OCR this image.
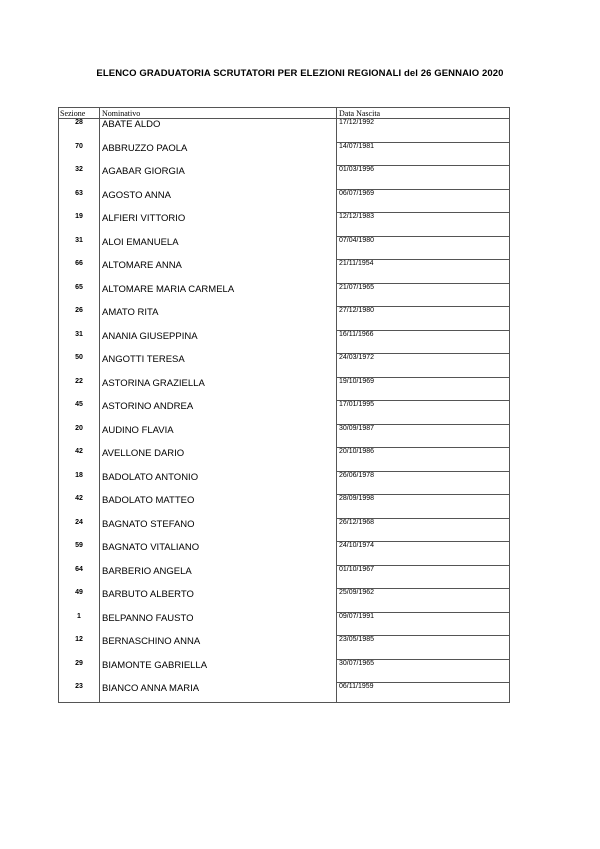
ELENCO GRADUATORIA SCRUTATORI PER ELEZIONI REGIONALI del 26 GENNAIO 2020
Sezione Nominativo	Data Nascita
28	ABATE ALDO	17/12/1992
70	ABBRUZZO PAOLA	14/07/1981
32	AGABAR GIORGIA	01/03/1996
63	AGOSTO ANNA	06/07/1969
19	ALFIERI VITTORIO	12/12/1983
31	ALOI EMANUELA	07/04/1980
66	ALTOMARE ANNA	21/11/1954
65	ALTOMARE MARIA CARMELA	21/07/1965
26	AMATO RITA	27/12/1980
31	ANANIA GIUSEPPINA	16/11/1966
50	ANGOTTI TERESA	24/03/1972
22	ASTORINA GRAZIELLA	19/10/1969
45	ASTORINO ANDREA	17/01/1995
20	AUDINO FLAVIA	30/09/1987
42	AVELLONE DARIO	20/10/1986
18	BADOLATO ANTONIO	26/06/1978
42	BADOLATO MATTEO	28/09/1998
24	BAGNATO STEFANO	26/12/1968
59	BAGNATO VITALIANO	24/10/1974
64	BARBERIO ANGELA	01/10/1967
49	BARBUTO ALBERTO	25/09/1962
1	BELPANNO FAUSTO	09/07/1991
12	BERNASCHINO ANNA	23/05/1985
29	BIAMONTE GABRIELLA	30/07/1965
23	BIANCO ANNA MARIA	06/11/1959
